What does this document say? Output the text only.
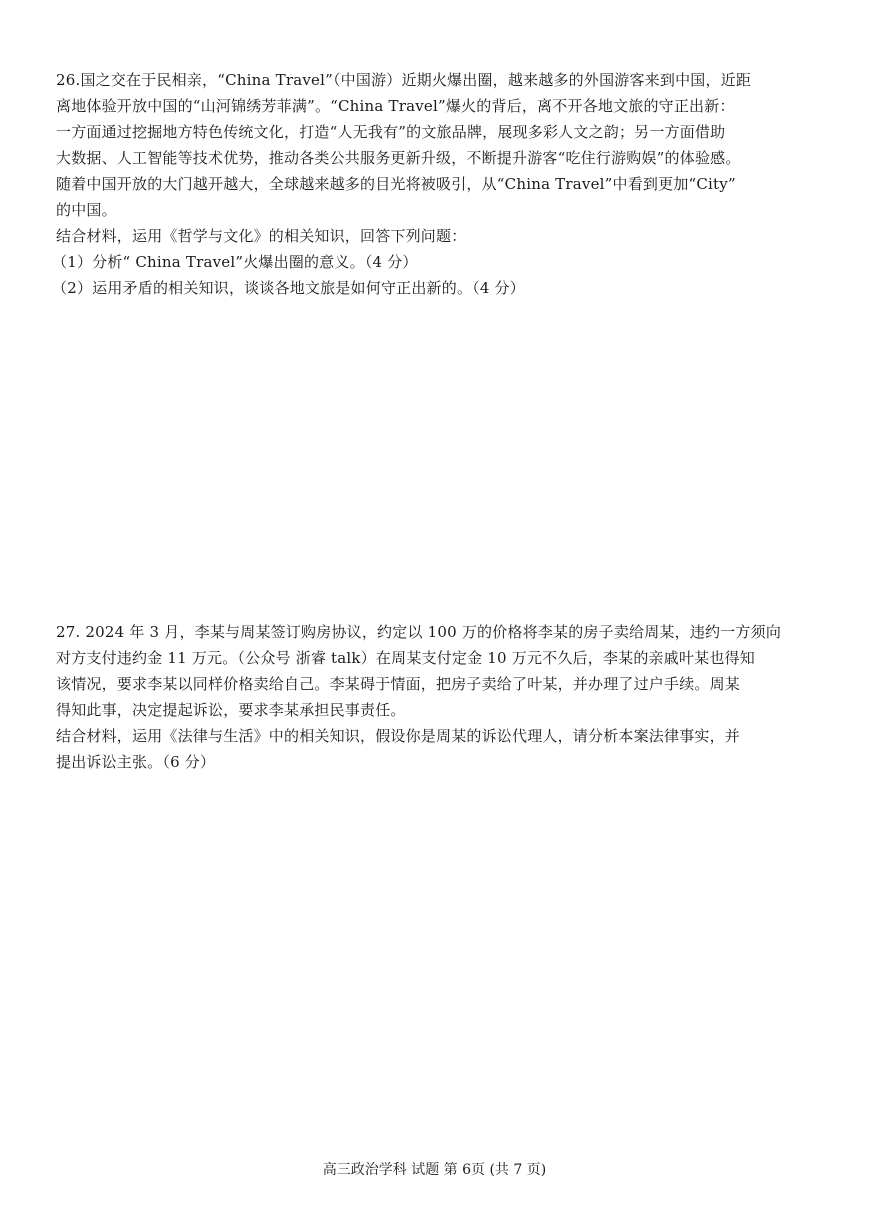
26.国之交在于民相亲，“China Travel”（中国游）近期火爆出圈，越来越多的外国游客来到中国，近距
离地体验开放中国的“山河锦绣芳菲满”。“China Travel”爆火的背后，离不开各地文旅的守正出新：
一方面通过挖掘地方特色传统文化，打造“人无我有”的文旅品牌，展现多彩人文之韵；另一方面借助
大数据、人工智能等技术优势，推动各类公共服务更新升级，不断提升游客“吃住行游购娱”的体验感。
随着中国开放的大门越开越大，全球越来越多的目光将被吸引，从“China Travel”中看到更加“City”
的中国。
结合材料，运用《哲学与文化》的相关知识，回答下列问题：
（1）分析“ China Travel”火爆出圈的意义。（4 分）
（2）运用矛盾的相关知识，谈谈各地文旅是如何守正出新的。（4 分）
27. 2024 年 3 月，李某与周某签订购房协议，约定以 100 万的价格将李某的房子卖给周某，违约一方须向
对方支付违约金 11 万元。（公众号 浙睿 talk）在周某支付定金 10 万元不久后，李某的亲戚叶某也得知
该情况，要求李某以同样价格卖给自己。李某碍于情面，把房子卖给了叶某，并办理了过户手续。周某
得知此事，决定提起诉讼，要求李某承担民事责任。
结合材料，运用《法律与生活》中的相关知识，假设你是周某的诉讼代理人，请分析本案法律事实，并
提出诉讼主张。（6 分）
高三政治学科 试题 第 6页 (共 7 页)
